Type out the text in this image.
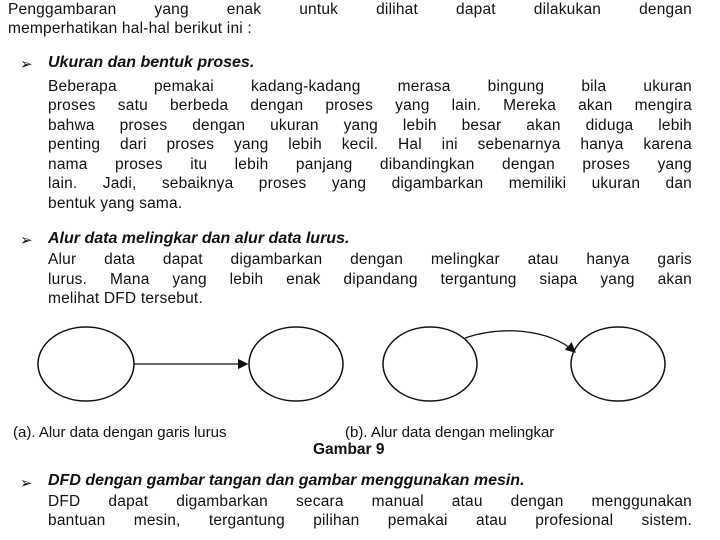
Penggambaran yang enak untuk dilihat dapat dilakukan dengan
memperhatikan hal-hal berikut ini :
➢ Ukuran dan bentuk proses.
Beberapa pemakai kadang-kadang merasa bingung bila ukuran
proses satu berbeda dengan proses yang lain. Mereka akan mengira
bahwa proses dengan ukuran yang lebih besar akan diduga lebih
penting dari proses yang lebih kecil. Hal ini sebenarnya hanya karena
nama proses itu lebih panjang dibandingkan dengan proses yang
lain. Jadi, sebaiknya proses yang digambarkan memiliki ukuran dan
bentuk yang sama.
➢ Alur data melingkar dan alur data lurus.
Alur data dapat digambarkan dengan melingkar atau hanya garis
lurus. Mana yang lebih enak dipandang tergantung siapa yang akan
melihat DFD tersebut.
(a). Alur data dengan garis lurus	(b). Alur data dengan melingkar
Gambar 9
➢ DFD dengan gambar tangan dan gambar menggunakan mesin.
DFD dapat digambarkan secara manual atau dengan menggunakan
bantuan mesin, tergantung pilihan pemakai atau profesional sistem.
